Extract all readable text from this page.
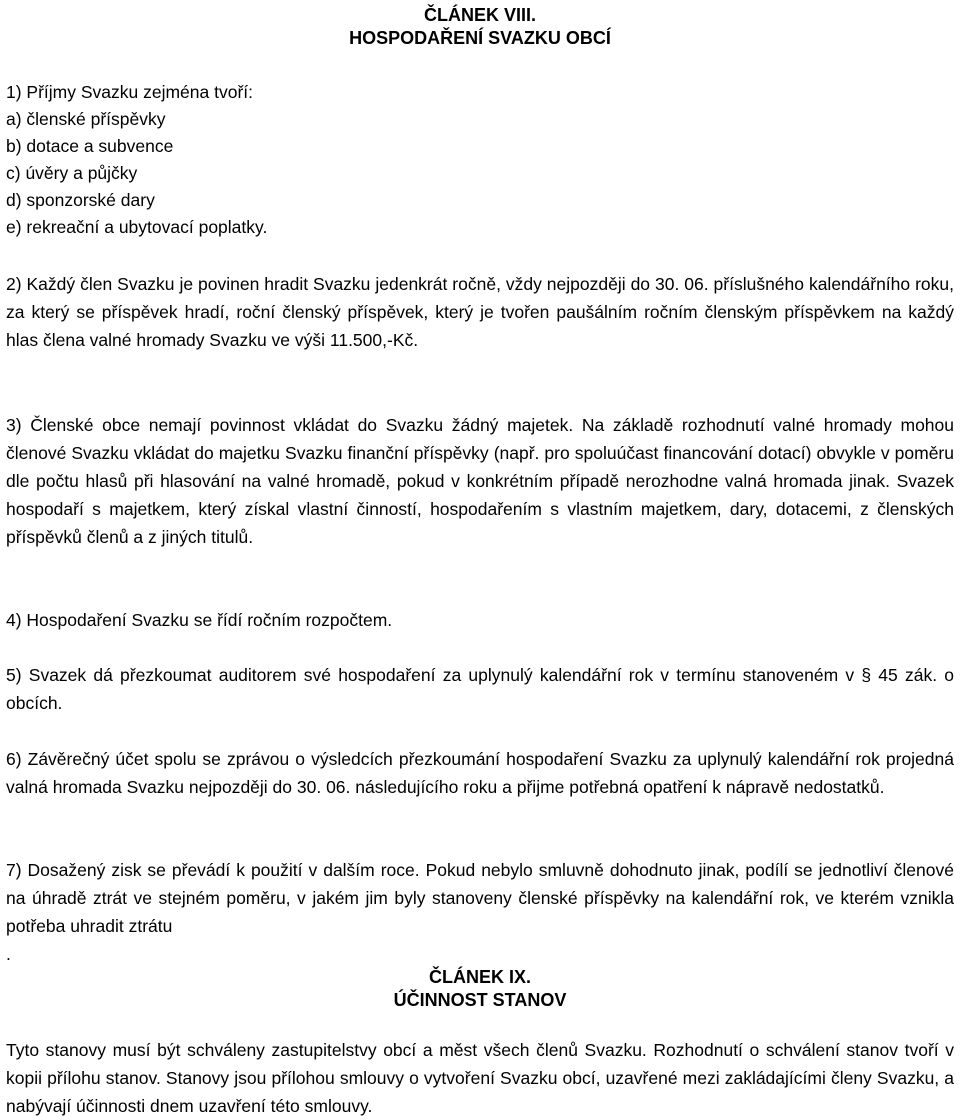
ČLÁNEK VIII.
HOSPODAŘENÍ SVAZKU OBCÍ
1) Příjmy Svazku zejména tvoří:
a) členské příspěvky
b) dotace a subvence
c) úvěry a půjčky
d) sponzorské dary
e) rekreační a ubytovací poplatky.
2) Každý člen Svazku je povinen hradit Svazku jedenkrát ročně, vždy nejpozději do 30. 06. příslušného kalendářního roku, za který se příspěvek hradí, roční členský příspěvek, který je tvořen paušálním ročním členským příspěvkem na každý hlas člena valné hromady Svazku ve výši 11.500,-Kč.
3) Členské obce nemají povinnost vkládat do Svazku žádný majetek. Na základě rozhodnutí valné hromady mohou členové Svazku vkládat do majetku Svazku finanční příspěvky (např. pro spoluúčast financování dotací) obvykle v poměru dle počtu hlasů při hlasování na valné hromadě, pokud v konkrétním případě nerozhodne valná hromada jinak. Svazek hospodaří s majetkem, který získal vlastní činností, hospodařením s vlastním majetkem, dary, dotacemi, z členských příspěvků členů a z jiných titulů.
4) Hospodaření Svazku se řídí ročním rozpočtem.
5) Svazek dá přezkoumat auditorem své hospodaření za uplynulý kalendářní rok v termínu stanoveném v § 45 zák. o obcích.
6) Závěrečný účet spolu se zprávou o výsledcích přezkoumání hospodaření Svazku za uplynulý kalendářní rok projedná valná hromada Svazku nejpozději do 30. 06. následujícího roku a přijme potřebná opatření k nápravě nedostatků.
7) Dosažený zisk se převádí k použití v dalším roce. Pokud nebylo smluvně dohodnuto jinak, podílí se jednotliví členové na úhradě ztrát ve stejném poměru, v jakém jim byly stanoveny členské příspěvky na kalendářní rok, ve kterém vznikla potřeba uhradit ztrátu
.
ČLÁNEK IX.
ÚČINNOST STANOV
Tyto stanovy musí být schváleny zastupitelstvy obcí a měst všech členů Svazku. Rozhodnutí o schválení stanov tvoří v kopii přílohu stanov. Stanovy jsou přílohou smlouvy o vytvoření Svazku obcí, uzavřené mezi zakládajícími členy Svazku, a nabývají účinnosti dnem uzavření této smlouvy.
